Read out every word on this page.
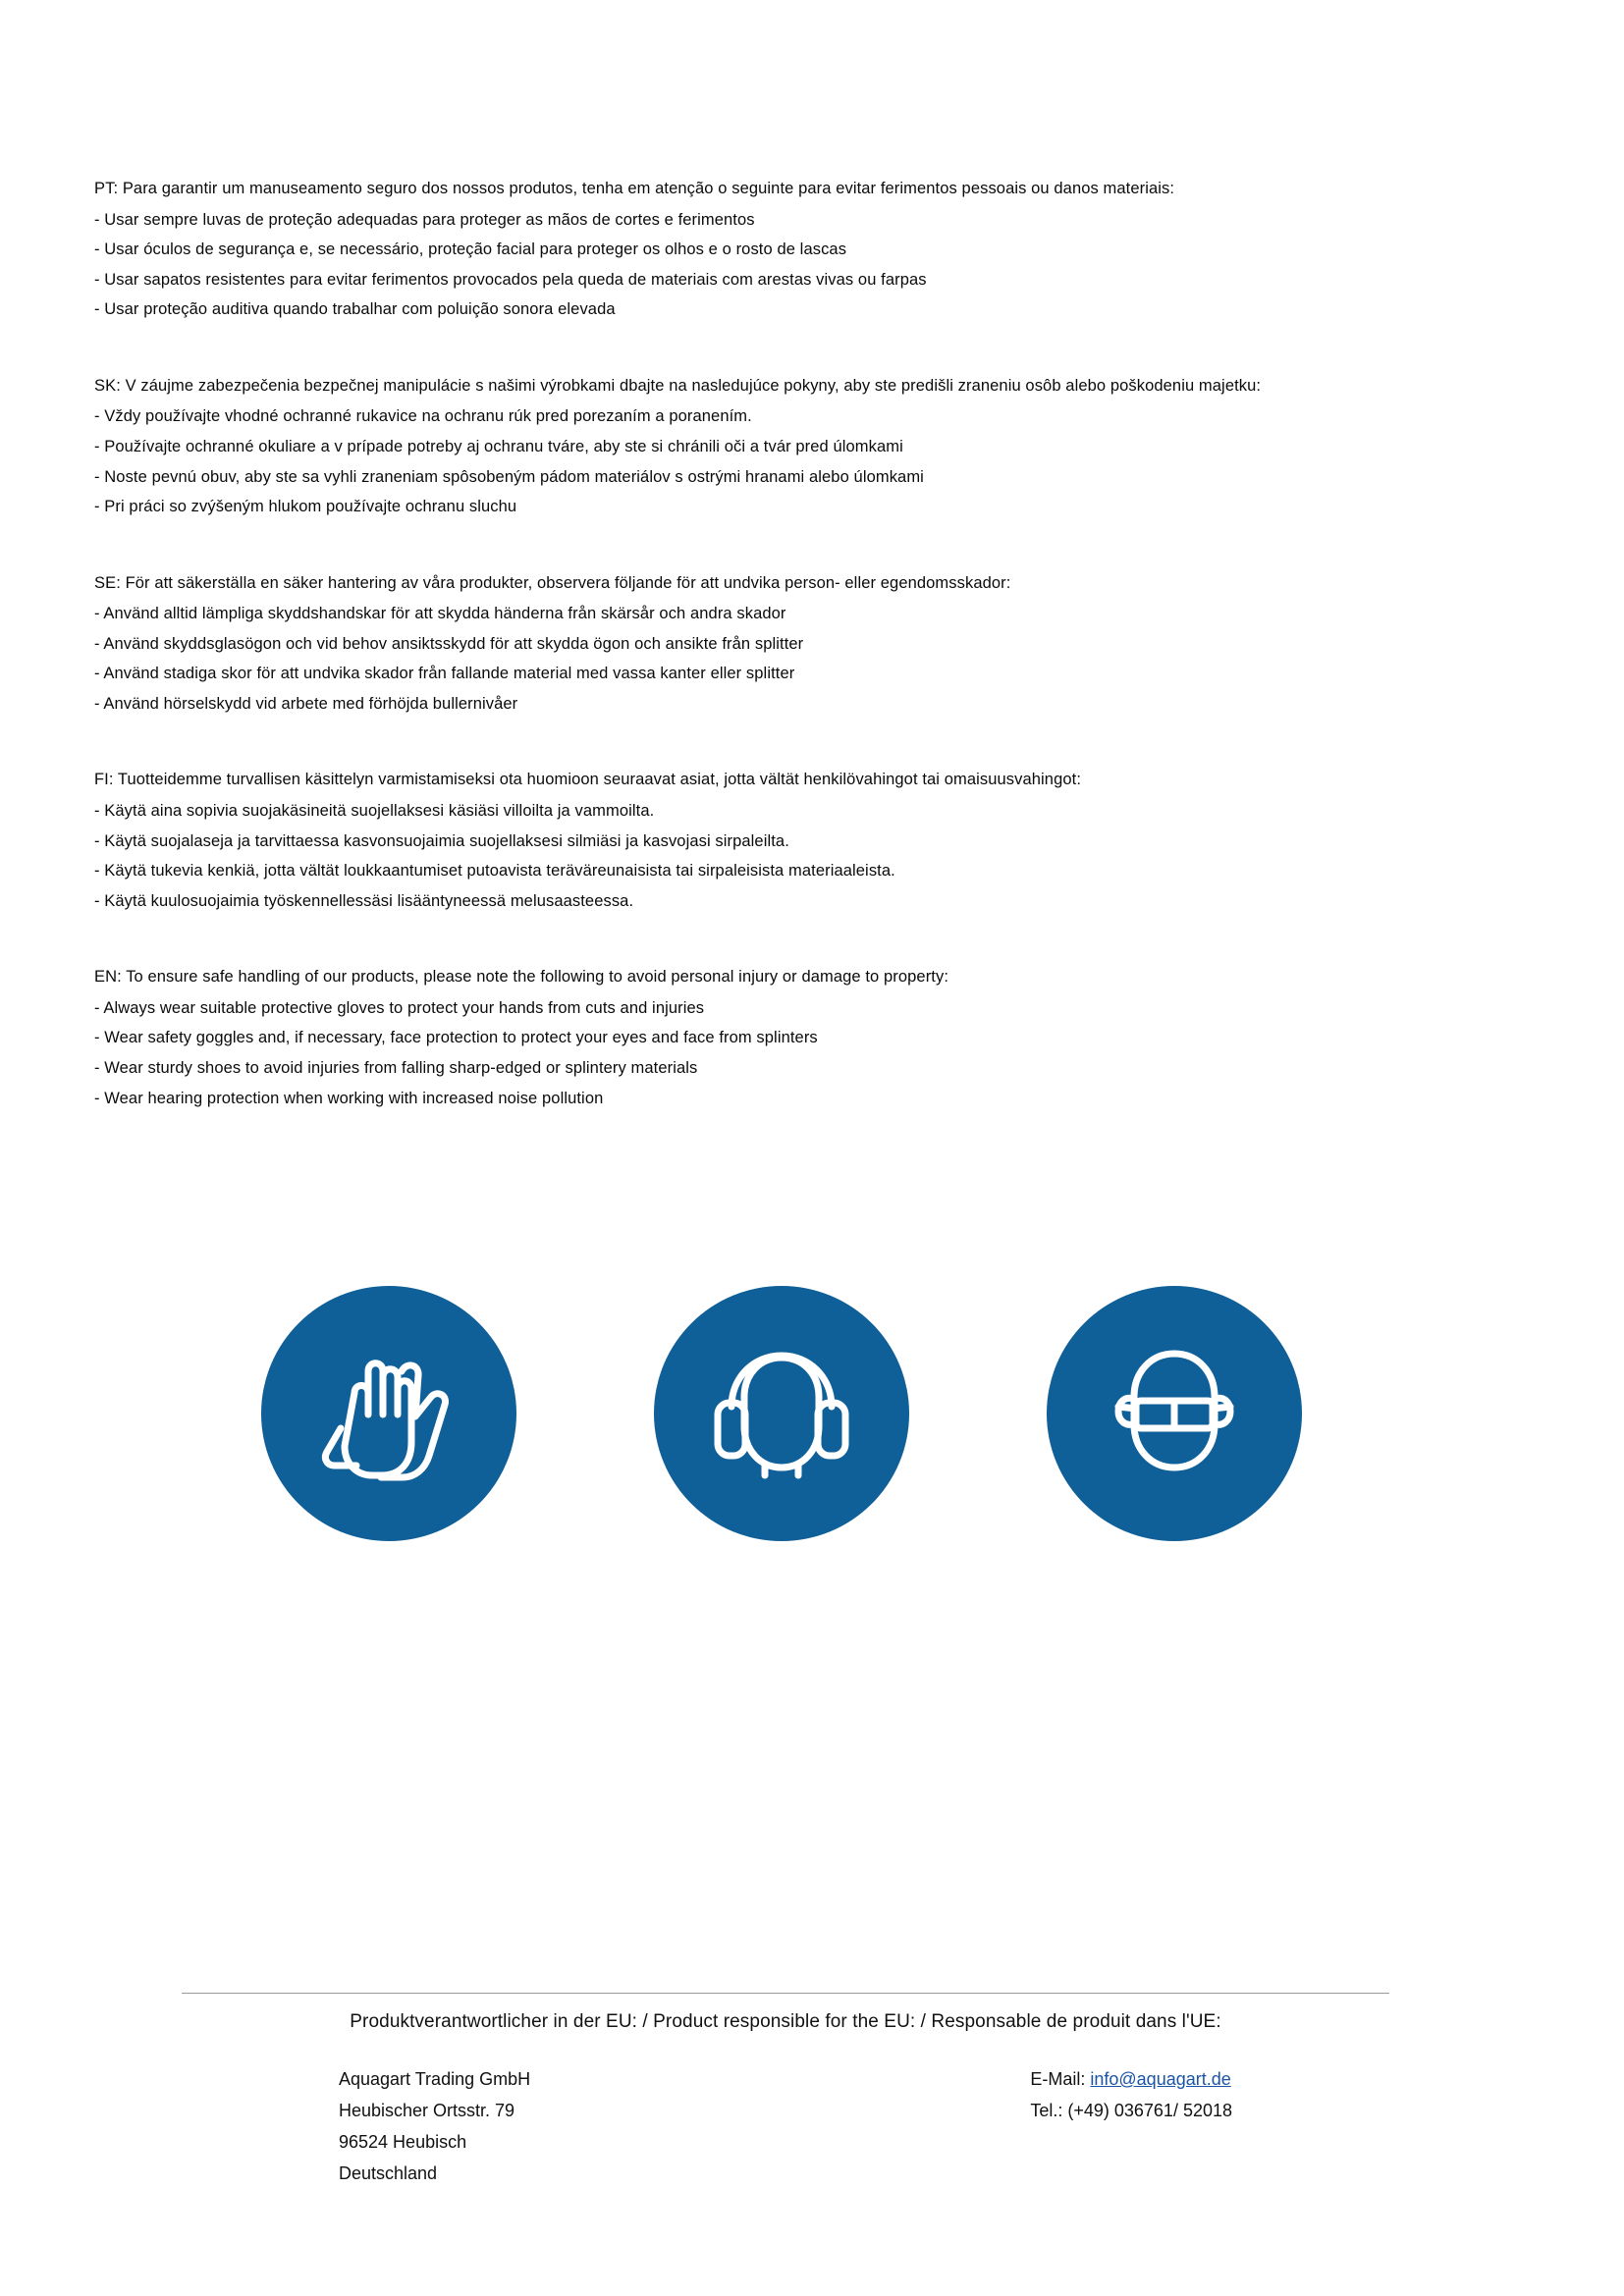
PT: Para garantir um manuseamento seguro dos nossos produtos, tenha em atenção o seguinte para evitar ferimentos pessoais ou danos materiais:

- Usar sempre luvas de proteção adequadas para proteger as mãos de cortes e ferimentos

- Usar óculos de segurança e, se necessário, proteção facial para proteger os olhos e o rosto de lascas

- Usar sapatos resistentes para evitar ferimentos provocados pela queda de materiais com arestas vivas ou farpas

- Usar proteção auditiva quando trabalhar com poluição sonora elevada

SK: V záujme zabezpečenia bezpečnej manipulácie s našimi výrobkami dbajte na nasledujúce pokyny, aby ste predišli zraneniu osôb alebo poškodeniu majetku:

- Vždy používajte vhodné ochranné rukavice na ochranu rúk pred porezaním a poranením.

- Používajte ochranné okuliare a v prípade potreby aj ochranu tváre, aby ste si chránili oči a tvár pred úlomkami

- Noste pevnú obuv, aby ste sa vyhli zraneniam spôsobeným pádom materiálov s ostrými hranami alebo úlomkami

- Pri práci so zvýšeným hlukom používajte ochranu sluchu

SE: För att säkerställa en säker hantering av våra produkter, observera följande för att undvika person- eller egendomsskador:

- Använd alltid lämpliga skyddshandskar för att skydda händerna från skärsår och andra skador

- Använd skyddsglasögon och vid behov ansiktsskydd för att skydda ögon och ansikte från splitter

- Använd stadiga skor för att undvika skador från fallande material med vassa kanter eller splitter

- Använd hörselskydd vid arbete med förhöjda bullernivåer

FI: Tuotteidemme turvallisen käsittelyn varmistamiseksi ota huomioon seuraavat asiat, jotta vältät henkilövahingot tai omaisuusvahingot:

- Käytä aina sopivia suojakäsineitä suojellaksesi käsiäsi villoilta ja vammoilta.

- Käytä suojalaseja ja tarvittaessa kasvonsuojaimia suojellaksesi silmiäsi ja kasvojasi sirpaleilta.

- Käytä tukevia kenkiä, jotta vältät loukkaantumiset putoavista teräväreunaisista tai sirpaleisista materiaaleista.

- Käytä kuulosuojaimia työskennellessäsi lisääntyneessä melusaasteessa.

EN: To ensure safe handling of our products, please note the following to avoid personal injury or damage to property:

- Always wear suitable protective gloves to protect your hands from cuts and injuries

- Wear safety goggles and, if necessary, face protection to protect your eyes and face from splinters

- Wear sturdy shoes to avoid injuries from falling sharp-edged or splintery materials

- Wear hearing protection when working with increased noise pollution

Produktverantwortlicher in der EU: / Product responsible for the EU: / Responsable de produit dans l'UE:

Aquagart Trading GmbH

Heubischer Ortsstr. 79

96524 Heubisch

Deutschland

E-Mail: info@aquagart.de

Tel.: (+49) 036761/ 52018
